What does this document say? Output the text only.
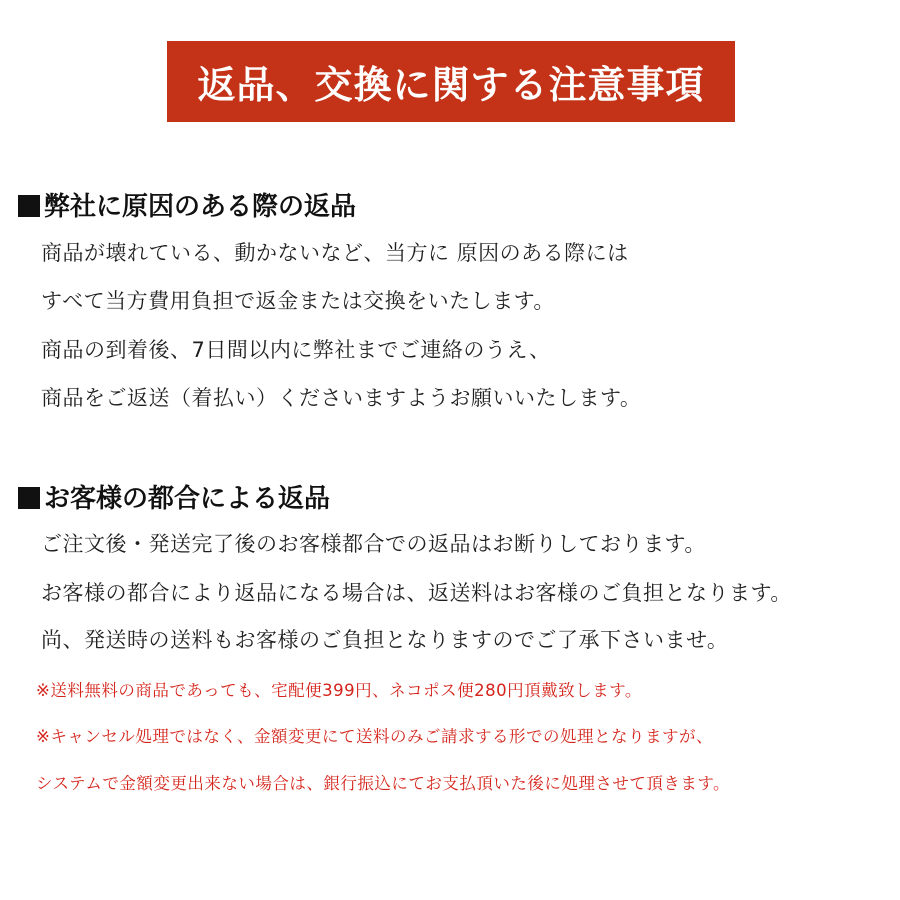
返品、交換に関する注意事項
弊社に原因のある際の返品
商品が壊れている、動かないなど、当方に 原因のある際には
すべて当方費用負担で返金または交換をいたします。
商品の到着後、7日間以内に弊社までご連絡のうえ、
商品をご返送（着払い）くださいますようお願いいたします。
お客様の都合による返品
ご注文後・発送完了後のお客様都合での返品はお断りしております。
お客様の都合により返品になる場合は、返送料はお客様のご負担となります。
尚、発送時の送料もお客様のご負担となりますのでご了承下さいませ。
※送料無料の商品であっても、宅配便399円、ネコポス便280円頂戴致します。
※キャンセル処理ではなく、金額変更にて送料のみご請求する形での処理となりますが、
システムで金額変更出来ない場合は、銀行振込にてお支払頂いた後に処理させて頂きます。
